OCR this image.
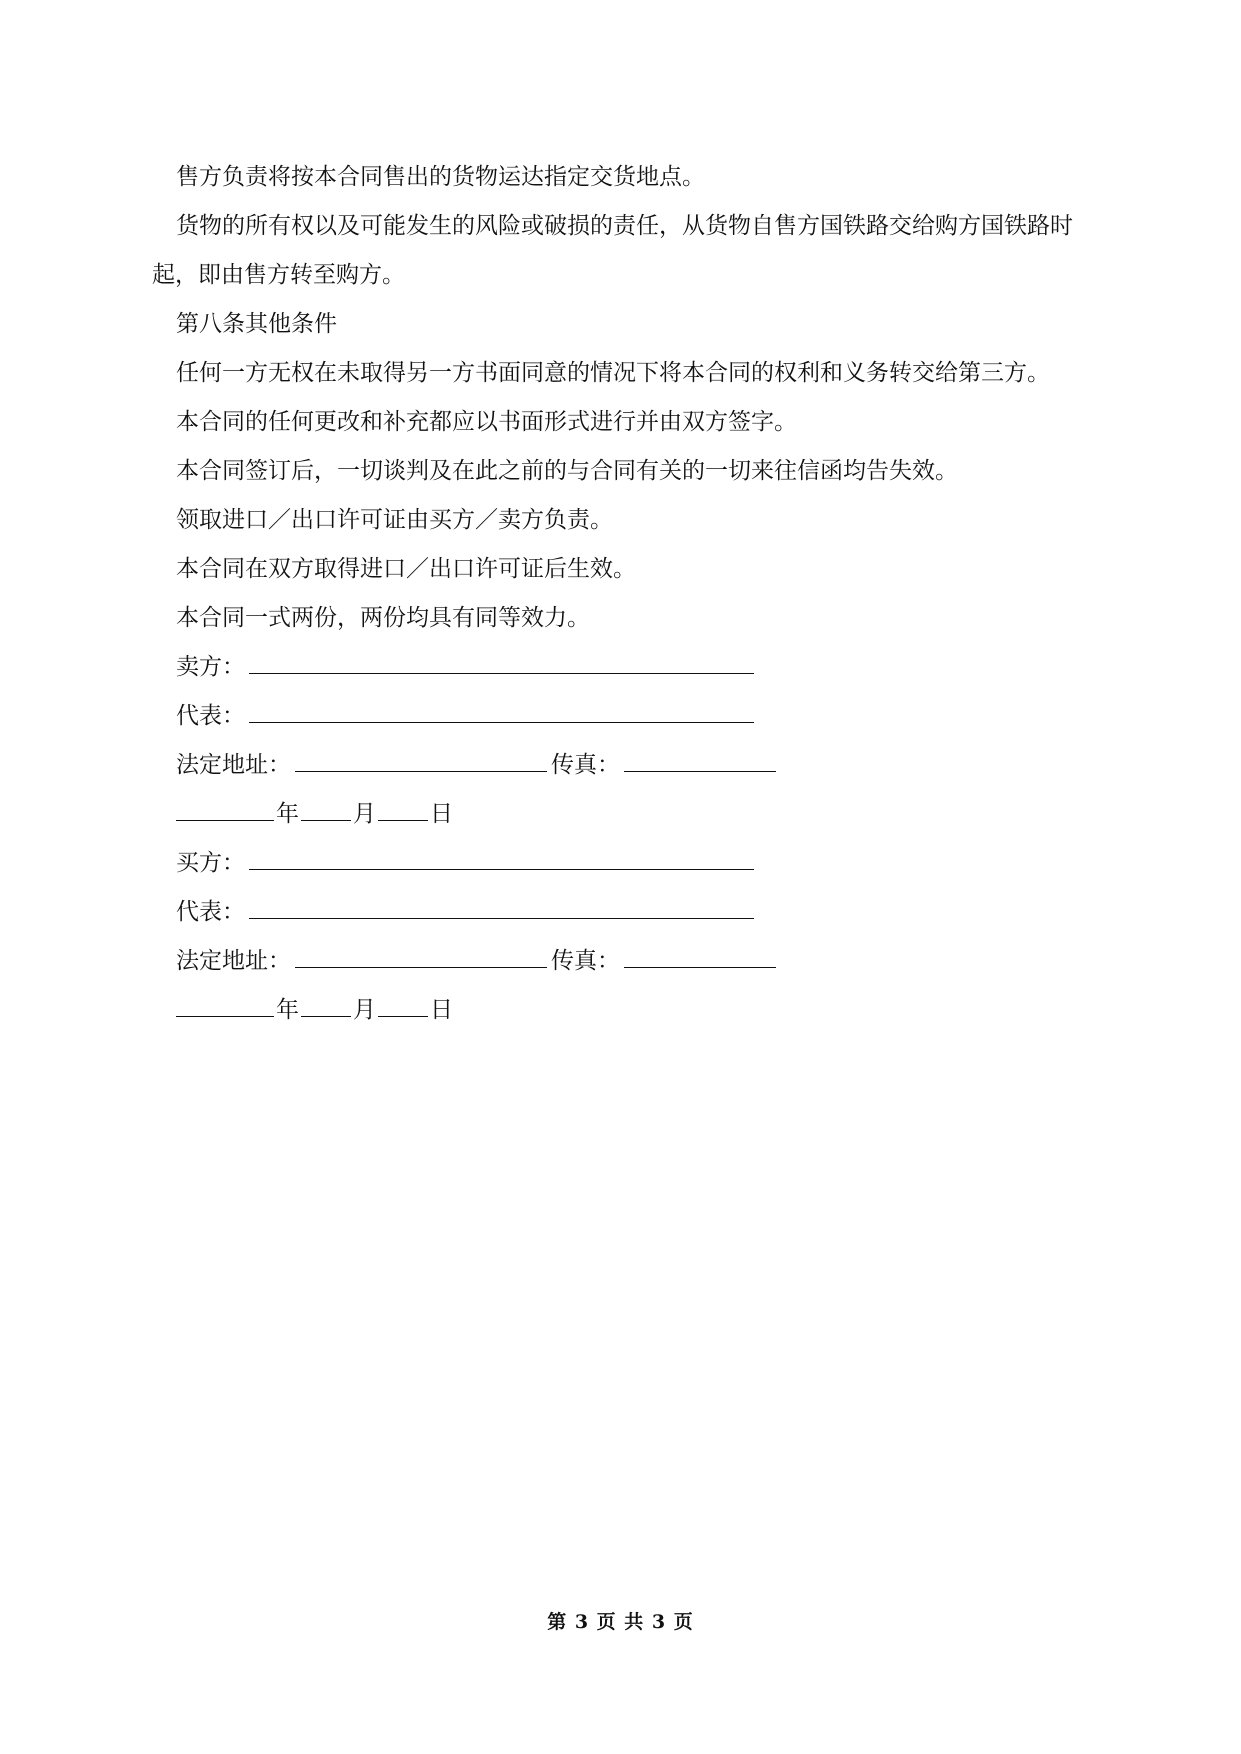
售方负责将按本合同售出的货物运达指定交货地点。

货物的所有权以及可能发生的风险或破损的责任，从货物自售方国铁路交给购方国铁路时起，即由售方转至购方。

第八条其他条件

任何一方无权在未取得另一方书面同意的情况下将本合同的权利和义务转交给第三方。

本合同的任何更改和补充都应以书面形式进行并由双方签字。

本合同签订后，一切谈判及在此之前的与合同有关的一切来往信函均告失效。

领取进口／出口许可证由买方／卖方负责。

本合同在双方取得进口／出口许可证后生效。

本合同一式两份，两份均具有同等效力。

卖方：

代表：

法定地址：	传真：

年 月 日

买方：

代表：

法定地址：	传真：

年 月 日

第 3 页 共 3 页
